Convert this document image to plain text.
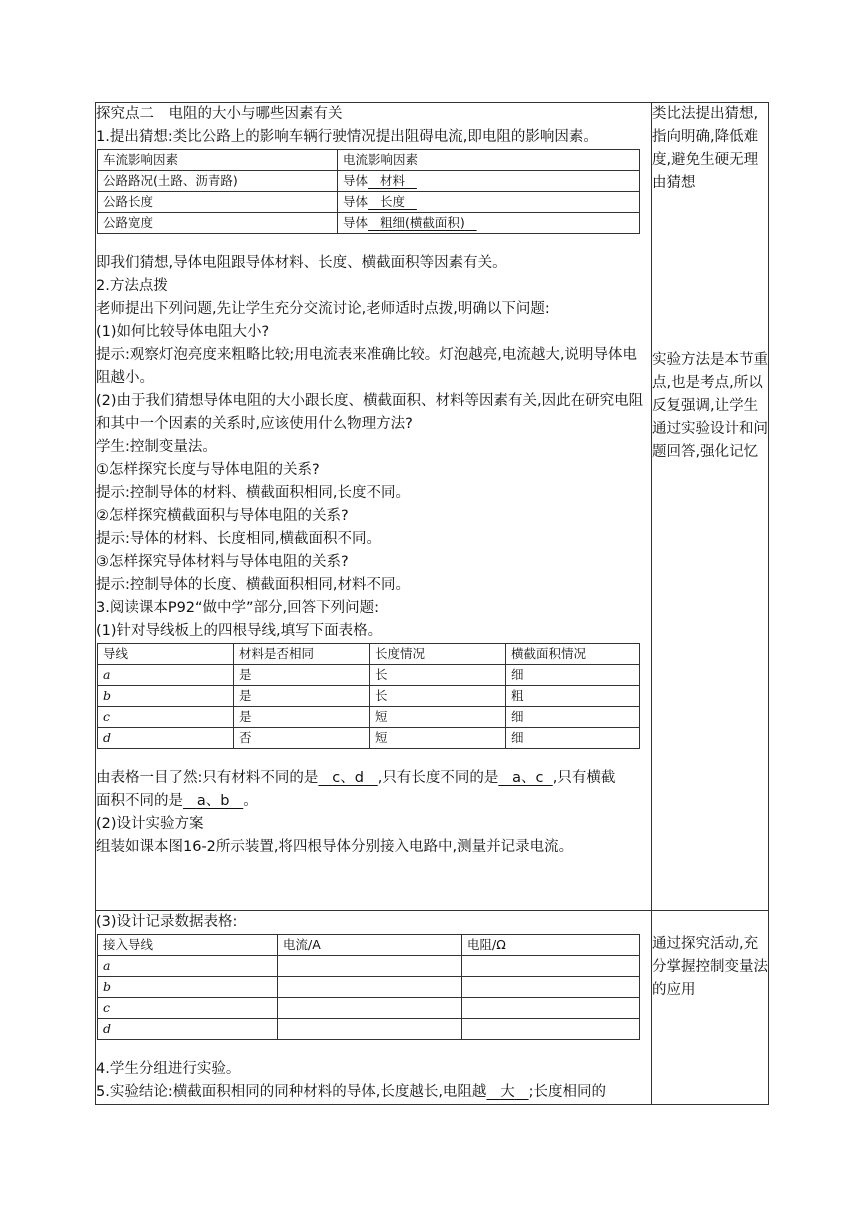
探究点二　电阻的大小与哪些因素有关
1.提出猜想:类比公路上的影响车辆行驶情况提出阻碍电流,即电阻的影响因素。
车流影响因素	电流影响因素
公路路况(土路、沥青路)	导体 材料
公路长度	导体 长度
公路宽度	导体 粗细(横截面积)
即我们猜想,导体电阻跟导体材料、长度、横截面积等因素有关。
2.方法点拨
老师提出下列问题,先让学生充分交流讨论,老师适时点拨,明确以下问题:
(1)如何比较导体电阻大小?
提示:观察灯泡亮度来粗略比较;用电流表来准确比较。灯泡越亮,电流越大,说明导体电阻越小。
(2)由于我们猜想导体电阻的大小跟长度、横截面积、材料等因素有关,因此在研究电阻和其中一个因素的关系时,应该使用什么物理方法?
学生:控制变量法。
①怎样探究长度与导体电阻的关系?
提示:控制导体的材料、横截面积相同,长度不同。
②怎样探究横截面积与导体电阻的关系?
提示:导体的材料、长度相同,横截面积不同。
③怎样探究导体材料与导体电阻的关系?
提示:控制导体的长度、横截面积相同,材料不同。
3.阅读课本P92“做中学”部分,回答下列问题:
(1)针对导线板上的四根导线,填写下面表格。
导线	材料是否相同	长度情况	横截面积情况
a	是	长	细
b	是	长	粗
c	是	短	细
d	否	短	细
由表格一目了然:只有材料不同的是 c、d ,只有长度不同的是 a、c ,只有横截
面积不同的是 a、b 。
(2)设计实验方案
组装如课本图16-2所示装置,将四根导体分别接入电路中,测量并记录电流。

类比法提出猜想,指向明确,降低难度,避免生硬无理由猜想
实验方法是本节重点,也是考点,所以反复强调,让学生通过实验设计和问题回答,强化记忆

(3)设计记录数据表格:
接入导线	电流/A	电阻/Ω
a		
b		
c		
d		
4.学生分组进行实验。
5.实验结论:横截面积相同的同种材料的导体,长度越长,电阻越 大 ;长度相同的

通过探究活动,充分掌握控制变量法的应用
